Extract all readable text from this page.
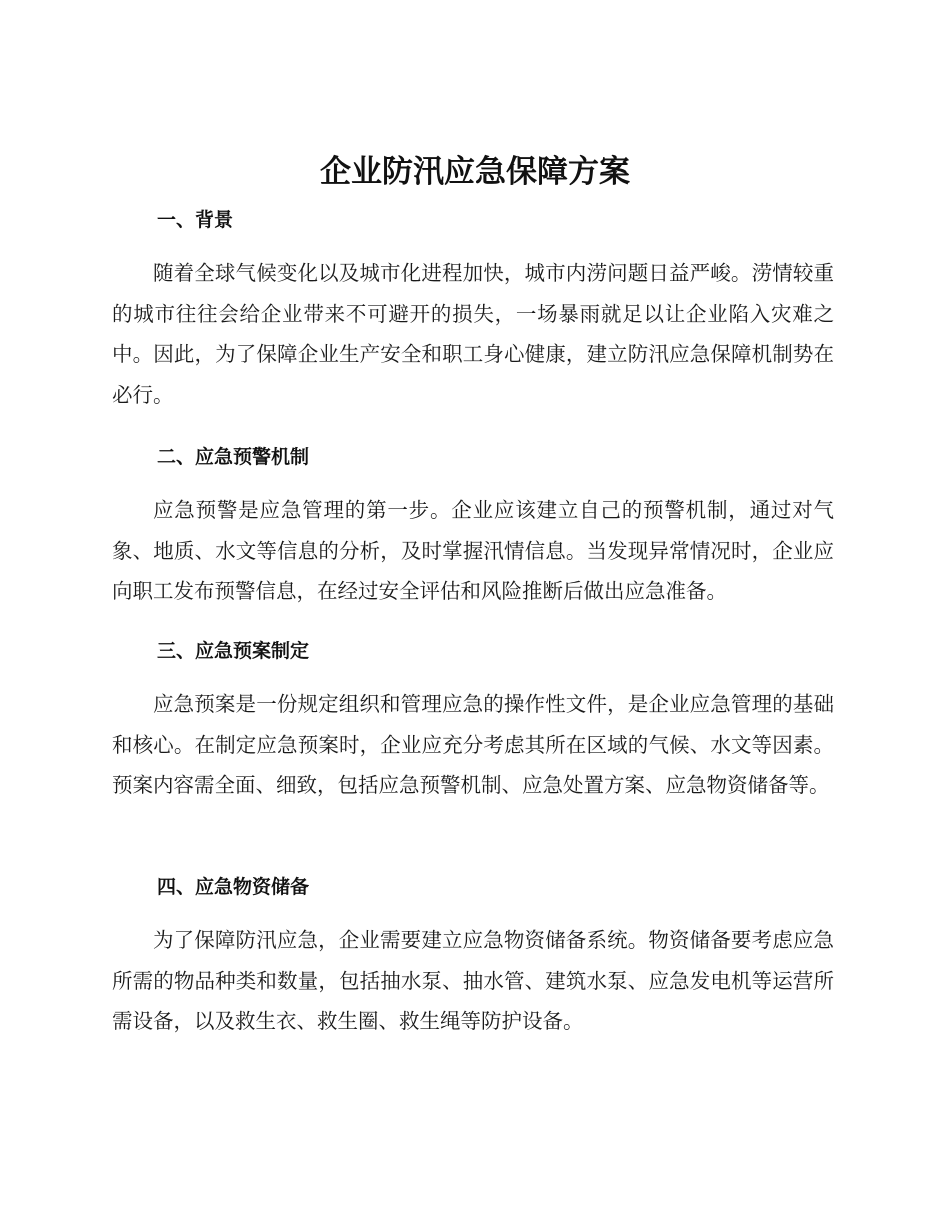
企业防汛应急保障方案
一、背景

随着全球气候变化以及城市化进程加快，城市内涝问题日益严峻。涝情较重的城市往往会给企业带来不可避开的损失，一场暴雨就足以让企业陷入灾难之中。因此，为了保障企业生产安全和职工身心健康，建立防汛应急保障机制势在必行。

二、应急预警机制

应急预警是应急管理的第一步。企业应该建立自己的预警机制，通过对气象、地质、水文等信息的分析，及时掌握汛情信息。当发现异常情况时，企业应向职工发布预警信息，在经过安全评估和风险推断后做出应急准备。

三、应急预案制定

应急预案是一份规定组织和管理应急的操作性文件，是企业应急管理的基础和核心。在制定应急预案时，企业应充分考虑其所在区域的气候、水文等因素。预案内容需全面、细致，包括应急预警机制、应急处置方案、应急物资储备等。

四、应急物资储备

为了保障防汛应急，企业需要建立应急物资储备系统。物资储备要考虑应急所需的物品种类和数量，包括抽水泵、抽水管、建筑水泵、应急发电机等运营所需设备，以及救生衣、救生圈、救生绳等防护设备。
